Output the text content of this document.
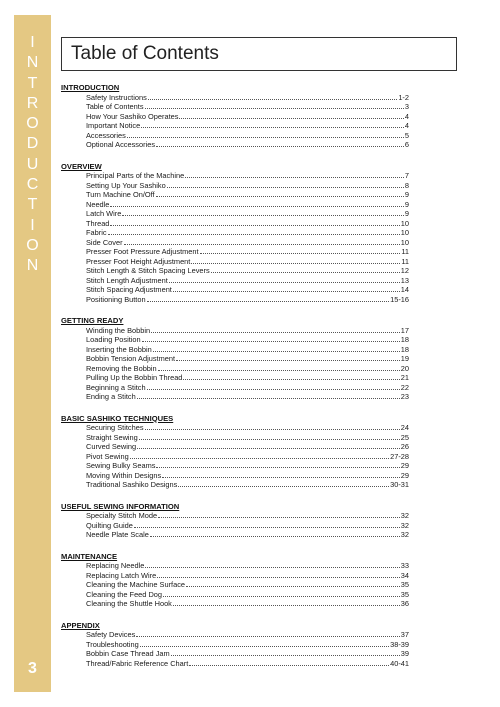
I
N
T
R
O
D
U
C
T
I
O
N
3
Table of Contents
INTRODUCTION
Safety Instructions	1-2
Table of Contents	3
How Your Sashiko Operates	4
Important Notice	4
Accessories	5
Optional Accessories	6
OVERVIEW
Principal Parts of the Machine	7
Setting Up Your Sashiko	8
Turn Machine On/Off	9
Needle	9
Latch Wire	9
Thread	10
Fabric	10
Side Cover	10
Presser Foot Pressure Adjustment	11
Presser Foot Height Adjustment	11
Stitch Length & Stitch Spacing Levers	12
Stitch Length Adjustment	13
Stitch Spacing Adjustment	14
Positioning Button	15-16
GETTING READY
Winding the Bobbin	17
Loading Position	18
Inserting the Bobbin	18
Bobbin Tension Adjustment	19
Removing the Bobbin	20
Pulling Up the Bobbin Thread	21
Beginning a Stitch	22
Ending a Stitch	23
BASIC SASHIKO TECHNIQUES
Securing Stitches	24
Straight Sewing	25
Curved Sewing	26
Pivot Sewing	27-28
Sewing Bulky Seams	29
Moving Within Designs	29
Traditional Sashiko Designs	30-31
USEFUL SEWING INFORMATION
Specialty Stitch Mode	32
Quilting Guide	32
Needle Plate Scale	32
MAINTENANCE
Replacing Needle	33
Replacing Latch Wire	34
Cleaning the Machine Surface	35
Cleaning the Feed Dog	35
Cleaning the Shuttle Hook	36
APPENDIX
Safety Devices	37
Troubleshooting	38-39
Bobbin Case Thread Jam	39
Thread/Fabric Reference Chart	40-41
